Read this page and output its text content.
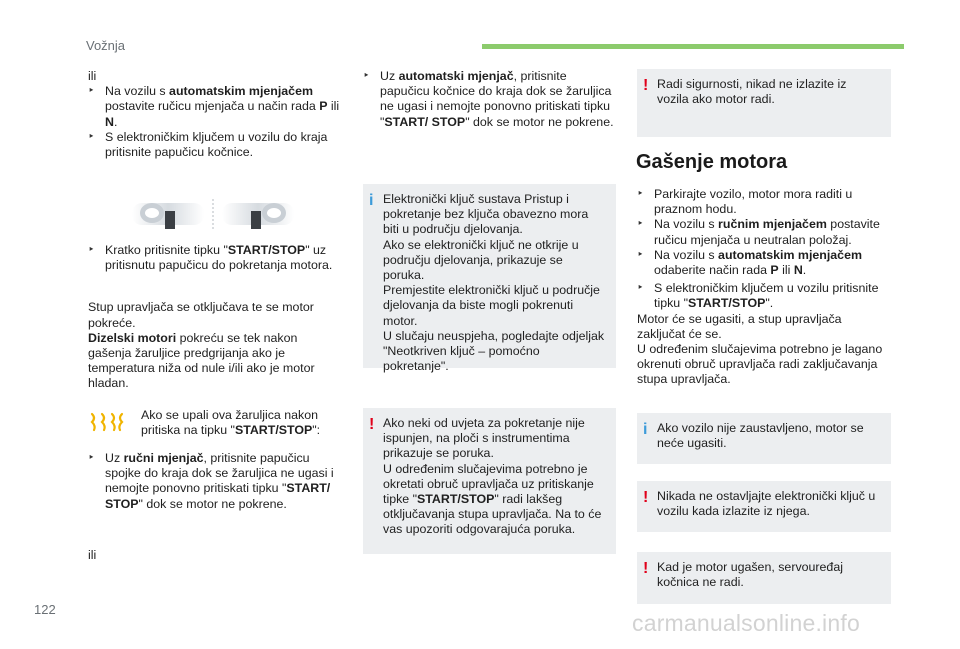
Vožnja
122
carmanualsonline.info

ili

‣ Na vozilu s automatskim mjenjačem postavite ručicu mjenjača u način rada P ili N.

‣ S elektroničkim ključem u vozilu do kraja pritisnite papučicu kočnice.

‣ Kratko pritisnite tipku "START/STOP" uz pritisnutu papučicu do pokretanja motora.

Stup upravljača se otključava te se motor pokreće.

Dizelski motori pokreću se tek nakon gašenja žaruljice predgrijanja ako je temperatura niža od nule i/ili ako je motor hladan.

Ako se upali ova žaruljica nakon pritiska na tipku "START/STOP":

‣ Uz ručni mjenjač, pritisnite papučicu spojke do kraja dok se žaruljica ne ugasi i nemojte ponovno pritiskati tipku "START/ STOP" dok se motor ne pokrene.

ili

‣ Uz automatski mjenjač, pritisnite papučicu kočnice do kraja dok se žaruljica ne ugasi i nemojte ponovno pritiskati tipku "START/ STOP" dok se motor ne pokrene.

i Elektronički ključ sustava Pristup i pokretanje bez ključa obavezno mora biti u području djelovanja.
Ako se elektronički ključ ne otkrije u području djelovanja, prikazuje se poruka.
Premjestite elektronički ključ u područje djelovanja da biste mogli pokrenuti motor.
U slučaju neuspjeha, pogledajte odjeljak "Neotkriven ključ – pomoćno pokretanje".

! Ako neki od uvjeta za pokretanje nije ispunjen, na ploči s instrumentima prikazuje se poruka.
U određenim slučajevima potrebno je okretati obruč upravljača uz pritiskanje tipke "START/STOP" radi lakšeg otključavanja stupa upravljača. Na to će vas upozoriti odgovarajuća poruka.

! Radi sigurnosti, nikad ne izlazite iz vozila ako motor radi.

Gašenje motora

‣ Parkirajte vozilo, motor mora raditi u praznom hodu.

‣ Na vozilu s ručnim mjenjačem postavite ručicu mjenjača u neutralan položaj.

‣ Na vozilu s automatskim mjenjačem odaberite način rada P ili N.

‣ S elektroničkim ključem u vozilu pritisnite tipku "START/STOP".

Motor će se ugasiti, a stup upravljača zaključat će se.
U određenim slučajevima potrebno je lagano okrenuti obruč upravljača radi zaključavanja stupa upravljača.

i Ako vozilo nije zaustavljeno, motor se neće ugasiti.

! Nikada ne ostavljajte elektronički ključ u vozilu kada izlazite iz njega.

! Kad je motor ugašen, servouređaj kočnica ne radi.
